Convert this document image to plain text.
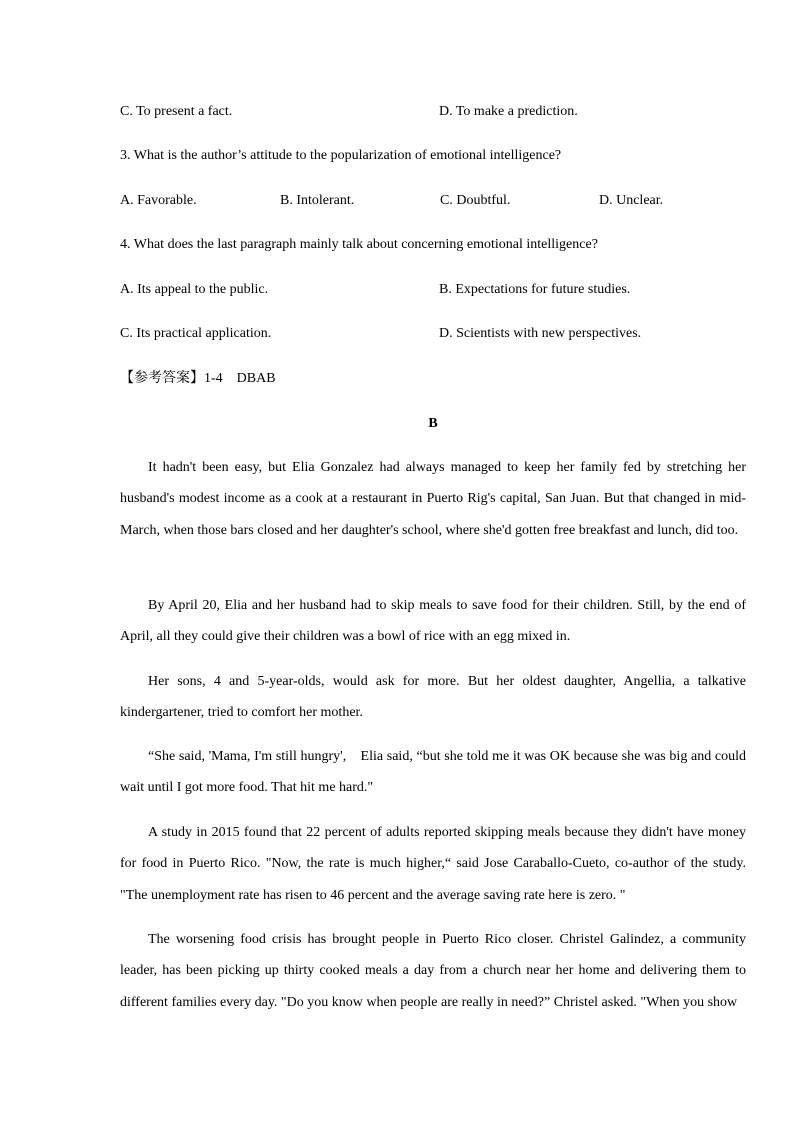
C. To present a fact.	D. To make a prediction.
3. What is the author’s attitude to the popularization of emotional intelligence?
A. Favorable.	B. Intolerant.	C. Doubtful.	D. Unclear.
4. What does the last paragraph mainly talk about concerning emotional intelligence?
A. Its appeal to the public.	B. Expectations for future studies.
C. Its practical application.	D. Scientists with new perspectives.
【参考答案】1-4　DBAB
B

It hadn't been easy, but Elia Gonzalez had always managed to keep her family fed by stretching her husband's modest income as a cook at a restaurant in Puerto Rig's capital, San Juan. But that changed in mid-March, when those bars closed and her daughter's school, where she'd gotten free breakfast and lunch, did too.

By April 20, Elia and her husband had to skip meals to save food for their children. Still, by the end of April, all they could give their children was a bowl of rice with an egg mixed in.

Her sons, 4 and 5-year-olds, would ask for more. But her oldest daughter, Angellia, a talkative kindergartener, tried to comfort her mother.

“She said, 'Mama, I'm still hungry',　Elia said, “but she told me it was OK because she was big and could wait until I got more food. That hit me hard."

A study in 2015 found that 22 percent of adults reported skipping meals because they didn't have money for food in Puerto Rico. "Now, the rate is much higher,“ said Jose Caraballo-Cueto, co-author of the study. "The unemployment rate has risen to 46 percent and the average saving rate here is zero. "

The worsening food crisis has brought people in Puerto Rico closer. Christel Galindez, a community leader, has been picking up thirty cooked meals a day from a church near her home and delivering them to different families every day. "Do you know when people are really in need?” Christel asked. "When you show
